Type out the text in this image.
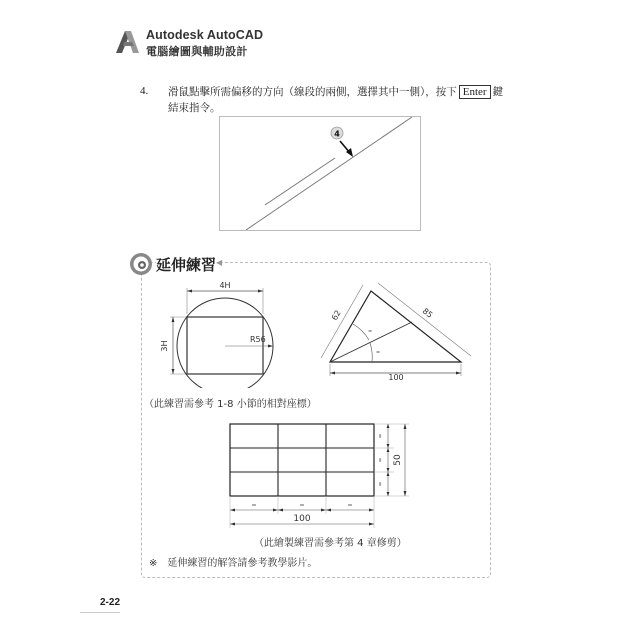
Autodesk AutoCAD
電腦繪圖與輔助設計
4. 滑鼠點擊所需偏移的方向（線段的兩側，選擇其中一側），按下 Enter 鍵結束指令。
4
延伸練習 ◀
4H
3H
R56
=
=
62	85
100
（此練習需參考 1-8 小節的相對座標）
=
=
=
50
=	=	=
100
（此繪製練習需參考第 4 章修剪）
※　延伸練習的解答請參考教學影片。
2-22
